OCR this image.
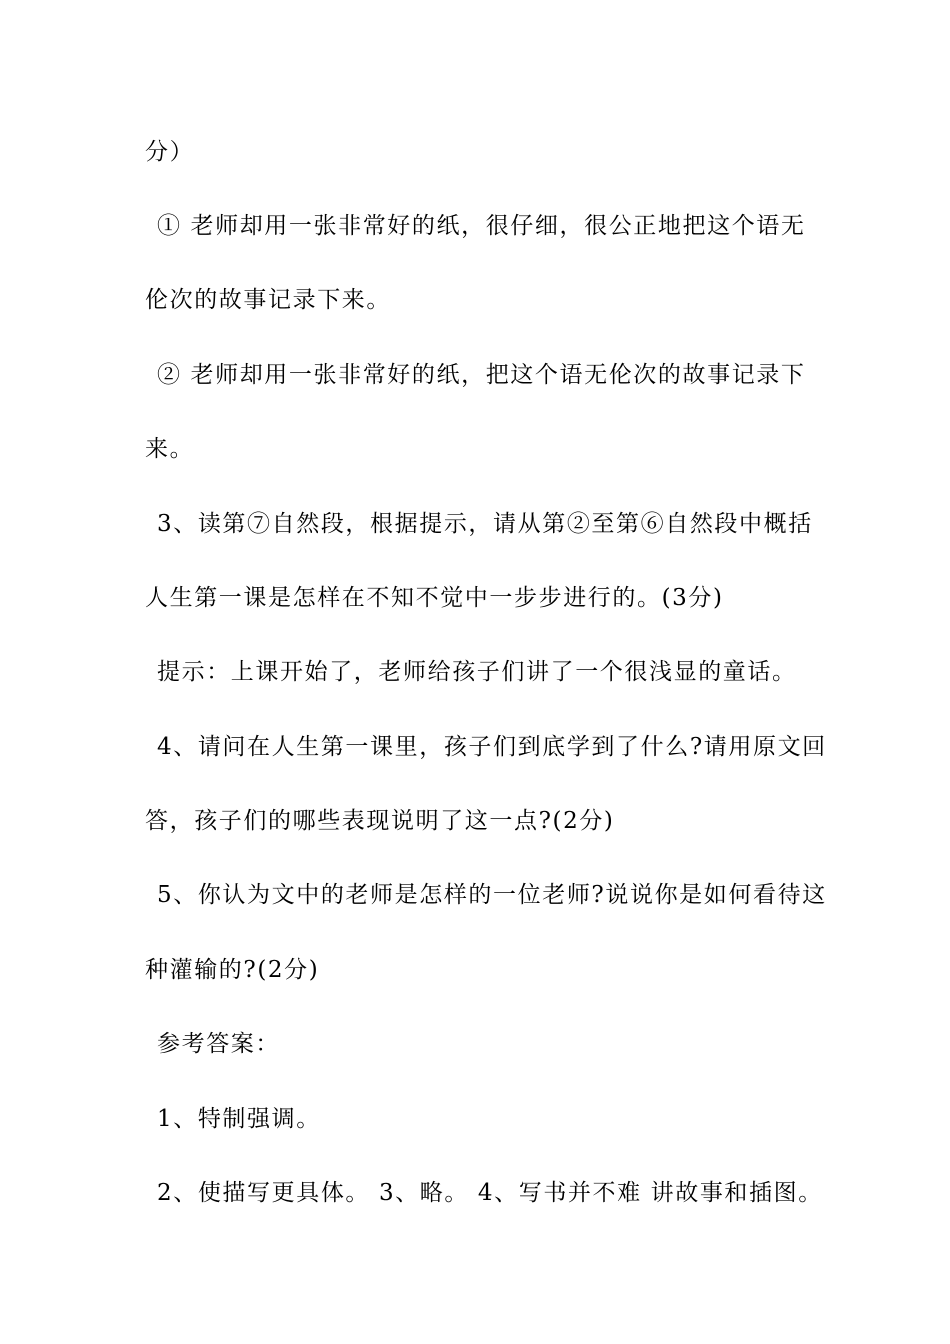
分）
① 老师却用一张非常好的纸，很仔细，很公正地把这个语无
伦次的故事记录下来。
② 老师却用一张非常好的纸，把这个语无伦次的故事记录下
来。
3、读第⑦自然段，根据提示，请从第②至第⑥自然段中概括
人生第一课是怎样在不知不觉中一步步进行的。(3分)
提示：上课开始了，老师给孩子们讲了一个很浅显的童话。
4、请问在人生第一课里，孩子们到底学到了什么?请用原文回
答，孩子们的哪些表现说明了这一点?(2分)
5、你认为文中的老师是怎样的一位老师?说说你是如何看待这
种灌输的?(2分)
参考答案：
1、特制强调。
2、使描写更具体。 3、略。 4、写书并不难 讲故事和插图。
